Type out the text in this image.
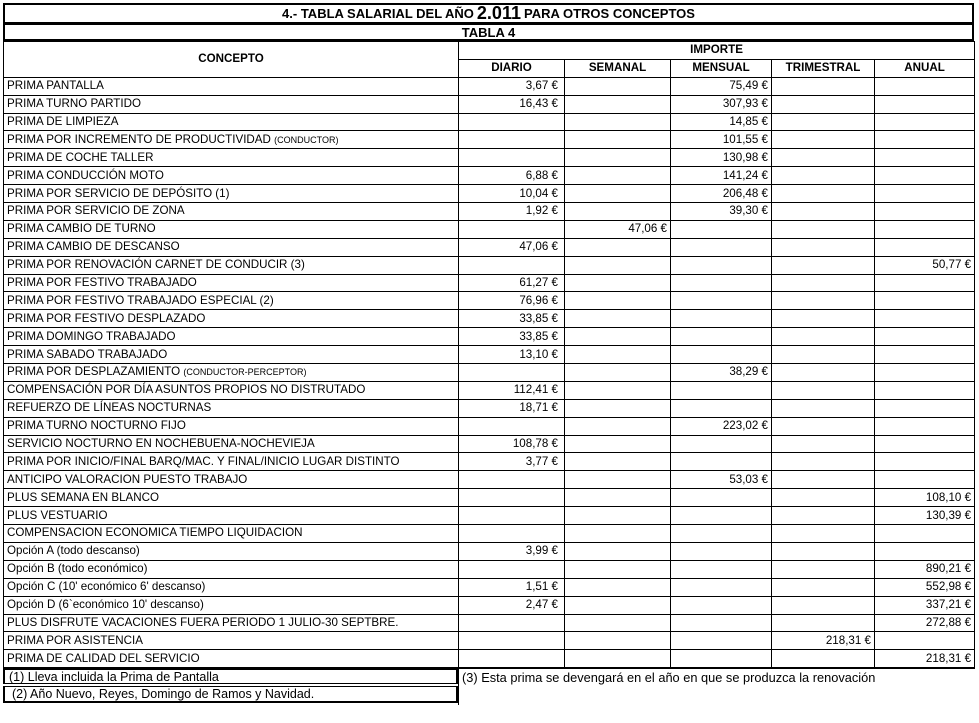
4.- TABLA SALARIAL DEL AÑO 2.011 PARA OTROS CONCEPTOS
TABLA 4
CONCEPTO	IMPORTE				
	DIARIO	SEMANAL	MENSUAL	TRIMESTRAL	ANUAL
PRIMA PANTALLA	3,67 €		75,49 €		
PRIMA TURNO PARTIDO	16,43 €		307,93 €		
PRIMA DE LIMPIEZA			14,85 €		
PRIMA POR INCREMENTO DE PRODUCTIVIDAD (CONDUCTOR)			101,55 €		
PRIMA DE COCHE TALLER			130,98 €		
PRIMA CONDUCCIÓN MOTO	6,88 €		141,24 €		
PRIMA POR SERVICIO DE DEPÓSITO (1)	10,04 €		206,48 €		
PRIMA POR SERVICIO DE ZONA	1,92 €		39,30 €		
PRIMA CAMBIO DE TURNO		47,06 €			
PRIMA CAMBIO DE DESCANSO	47,06 €				
PRIMA POR RENOVACIÓN CARNET DE CONDUCIR (3)					50,77 €
PRIMA POR FESTIVO TRABAJADO	61,27 €				
PRIMA POR FESTIVO TRABAJADO ESPECIAL (2)	76,96 €				
PRIMA POR FESTIVO DESPLAZADO	33,85 €				
PRIMA DOMINGO TRABAJADO	33,85 €				
PRIMA SABADO TRABAJADO	13,10 €				
PRIMA POR DESPLAZAMIENTO (CONDUCTOR-PERCEPTOR)			38,29 €		
COMPENSACIÓN POR DÍA ASUNTOS PROPIOS NO DISTRUTADO	112,41 €				
REFUERZO DE LÍNEAS NOCTURNAS	18,71 €				
PRIMA TURNO NOCTURNO FIJO			223,02 €		
SERVICIO NOCTURNO EN NOCHEBUENA-NOCHEVIEJA	108,78 €				
PRIMA POR INICIO/FINAL BARQ/MAC. Y FINAL/INICIO LUGAR DISTINTO	3,77 €				
ANTICIPO VALORACION PUESTO TRABAJO			53,03 €		
PLUS SEMANA EN BLANCO					108,10 €
PLUS VESTUARIO					130,39 €
COMPENSACION ECONOMICA TIEMPO LIQUIDACION					
Opción A (todo descanso)	3,99 €				
Opción B (todo económico)					890,21 €
Opción C (10' económico 6' descanso)	1,51 €				552,98 €
Opción D (6`económico 10' descanso)	2,47 €				337,21 €
PLUS DISFRUTE VACACIONES FUERA PERIODO 1 JULIO-30 SEPTBRE.					272,88 €
PRIMA POR ASISTENCIA				218,31 €	
PRIMA DE CALIDAD DEL SERVICIO					218,31 €
(1) Lleva incluida la Prima de Pantalla
(2) Año Nuevo, Reyes, Domingo de Ramos y Navidad.
(3) Esta prima se devengará en el año en que se produzca la renovación
